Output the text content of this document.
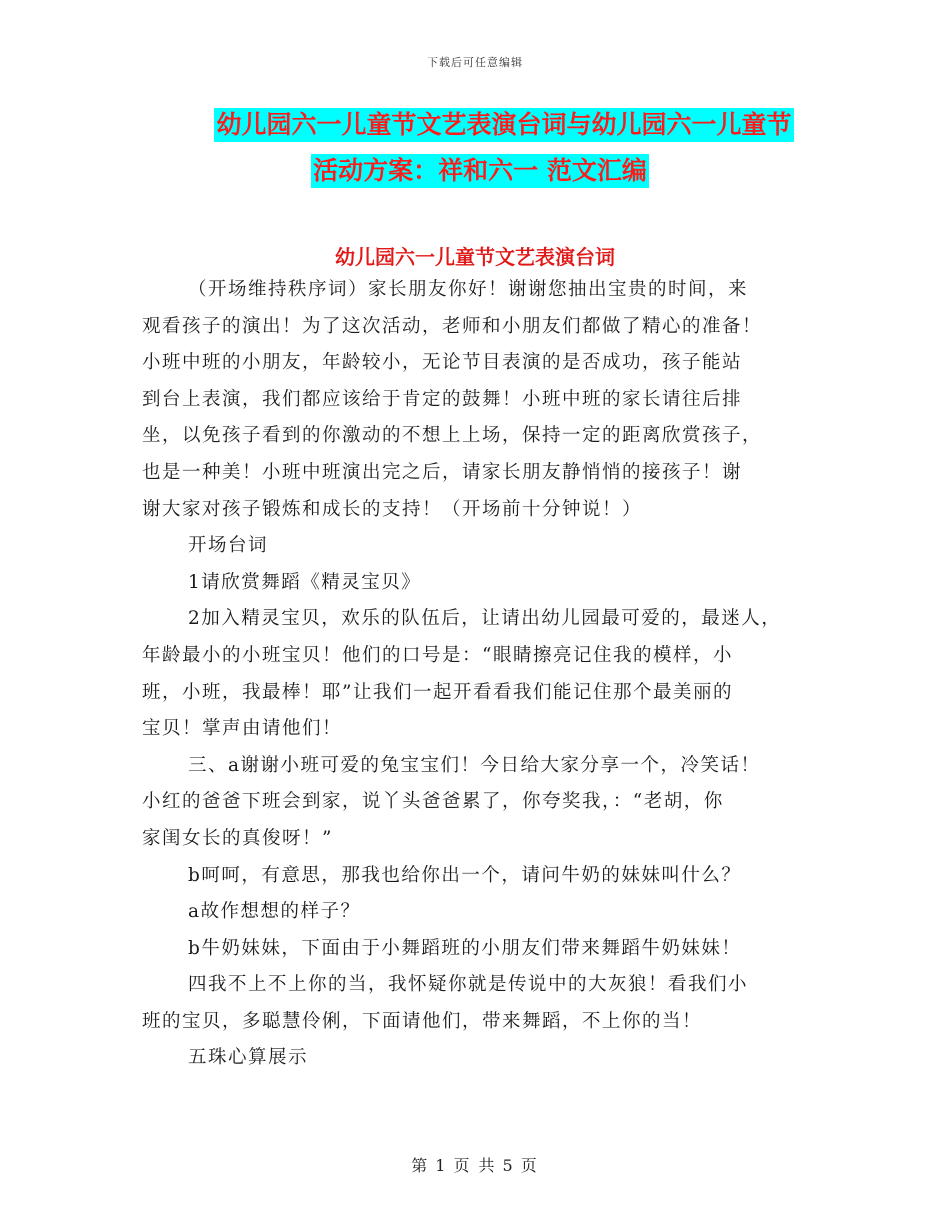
下载后可任意编辑
幼儿园六一儿童节文艺表演台词与幼儿园六一儿童节
活动方案：祥和六一 范文汇编
幼儿园六一儿童节文艺表演台词
（开场维持秩序词）家长朋友你好！谢谢您抽出宝贵的时间，来
观看孩子的演出！为了这次活动，老师和小朋友们都做了精心的准备！
小班中班的小朋友，年龄较小，无论节目表演的是否成功，孩子能站
到台上表演，我们都应该给于肯定的鼓舞！小班中班的家长请往后排
坐，以免孩子看到的你激动的不想上上场，保持一定的距离欣赏孩子，
也是一种美！小班中班演出完之后，请家长朋友静悄悄的接孩子！谢
谢大家对孩子锻炼和成长的支持！（开场前十分钟说！）
开场台词
1请欣赏舞蹈《精灵宝贝》
2加入精灵宝贝，欢乐的队伍后，让请出幼儿园最可爱的，最迷人，
年龄最小的小班宝贝！他们的口号是：“眼睛擦亮记住我的模样，小
班，小班，我最棒！耶”让我们一起开看看我们能记住那个最美丽的
宝贝！掌声由请他们！
三、a谢谢小班可爱的兔宝宝们！今日给大家分享一个，冷笑话！
小红的爸爸下班会到家，说丫头爸爸累了，你夸奖我，：“老胡，你
家闺女长的真俊呀！”
b呵呵，有意思，那我也给你出一个，请问牛奶的妹妹叫什么？
a故作想想的样子？
b牛奶妹妹，下面由于小舞蹈班的小朋友们带来舞蹈牛奶妹妹！
四我不上不上你的当，我怀疑你就是传说中的大灰狼！看我们小
班的宝贝，多聪慧伶俐，下面请他们，带来舞蹈，不上你的当！
五珠心算展示
第 1 页 共 5 页
